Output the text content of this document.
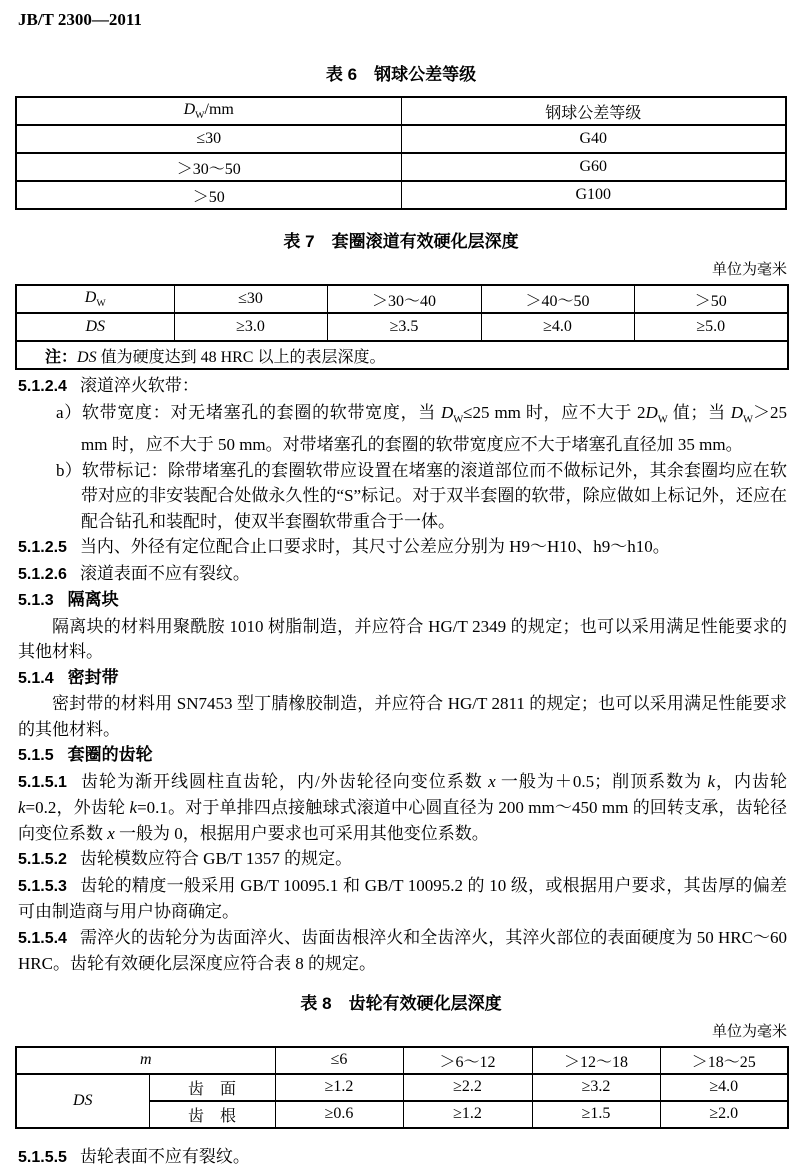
JB/T 2300—2011
表 6　钢球公差等级
$D_W/mm$	钢球公差等级
≤30	G40
＞30～50	G60
＞50	G100
表 7　套圈滚道有效硬化层深度
单位为毫米
$D_W$	≤30	＞30～40	＞40～50	＞50
DS	≥3.0	≥3.5	≥4.0	≥5.0
注：DS 值为硬度达到 48 HRC 以上的表层深度。				

5.1.2.4 滚道淬火软带：

a）软带宽度：对无堵塞孔的套圈的软带宽度，当 $D_W\le 25$ mm 时，应不大于 $2D_W$ 值；当 $D_W>25$ mm 时，应不大于 50 mm。对带堵塞孔的套圈的软带宽度应不大于堵塞孔直径加 35 mm。

b）软带标记：除带堵塞孔的套圈软带应设置在堵塞的滚道部位而不做标记外，其余套圈均应在软带对应的非安装配合处做永久性的“S”标记。对于双半套圈的软带，除应做如上标记外，还应在配合钻孔和装配时，使双半套圈软带重合于一体。

5.1.2.5 当内、外径有定位配合止口要求时，其尺寸公差应分别为 H9～H10、h9～h10。

5.1.2.6 滚道表面不应有裂纹。

5.1.3 隔离块

隔离块的材料用聚酰胺 1010 树脂制造，并应符合 HG/T 2349 的规定；也可以采用满足性能要求的其他材料。

5.1.4 密封带

密封带的材料用 SN7453 型丁腈橡胶制造，并应符合 HG/T 2811 的规定；也可以采用满足性能要求的其他材料。

5.1.5 套圈的齿轮

5.1.5.1 齿轮为渐开线圆柱直齿轮，内/外齿轮径向变位系数 x 一般为＋0.5；削顶系数为 k，内齿轮 k=0.2，外齿轮 k=0.1。对于单排四点接触球式滚道中心圆直径为 200 mm～450 mm 的回转支承，齿轮径向变位系数 x 一般为 0，根据用户要求也可采用其他变位系数。

5.1.5.2 齿轮模数应符合 GB/T 1357 的规定。

5.1.5.3 齿轮的精度一般采用 GB/T 10095.1 和 GB/T 10095.2 的 10 级，或根据用户要求，其齿厚的偏差可由制造商与用户协商确定。

5.1.5.4 需淬火的齿轮分为齿面淬火、齿面齿根淬火和全齿淬火，其淬火部位的表面硬度为 50 HRC～60 HRC。齿轮有效硬化层深度应符合表 8 的规定。

表 8　齿轮有效硬化层深度
单位为毫米
m		≤6	＞6～12	＞12～18	＞18～25
DS	齿　面	≥1.2	≥2.2	≥3.2	≥4.0
	齿　根	≥0.6	≥1.2	≥1.5	≥2.0

5.1.5.5 齿轮表面不应有裂纹。
